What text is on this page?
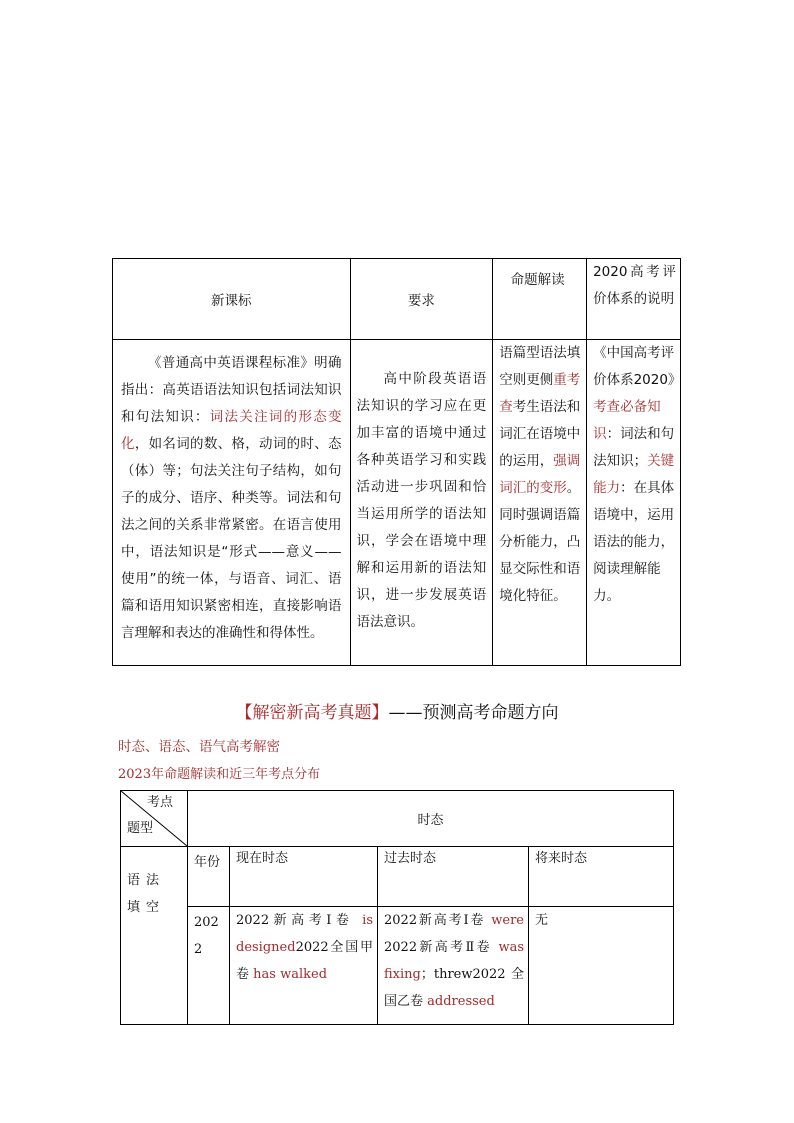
新课标	要求	命题解读	2020高考评价体系的说明

《普通高中英语课程标准》明确指出：高英语语法知识包括词法知识和句法知识：词法关注词的形态变化，如名词的数、格，动词的时、态（体）等；句法关注句子结构，如句子的成分、语序、种类等。词法和句法之间的关系非常紧密。在语言使用中，语法知识是“形式——意义——使用”的统一体，与语音、词汇、语篇和语用知识紧密相连，直接影响语言理解和表达的准确性和得体性。	高中阶段英语语法知识的学习应在更加丰富的语境中通过各种英语学习和实践活动进一步巩固和恰当运用所学的语法知识，学会在语境中理解和运用新的语法知识，进一步发展英语语法意识。	语篇型语法填空则更侧重考查考生语法和词汇在语境中的运用，强调词汇的变形。同时强调语篇分析能力，凸显交际性和语境化特征。	《中国高考评价体系2020》考查必备知识：词法和句法知识；关键能力：在具体语境中，运用语法的能力，阅读理解能力。
【解密新高考真题】——预测高考命题方向
时态、语态、语气高考解密
2023年命题解读和近三年考点分布
考点
题型	时态			

语法填空	年份	现在时态	过去时态	将来时态

	2022	2022新高考Ⅰ卷 is designed2022全国甲卷 has walked	2022新高考Ⅰ卷 were 2022新高考Ⅱ卷 was fixing；threw2022全国乙卷 addressed	无
